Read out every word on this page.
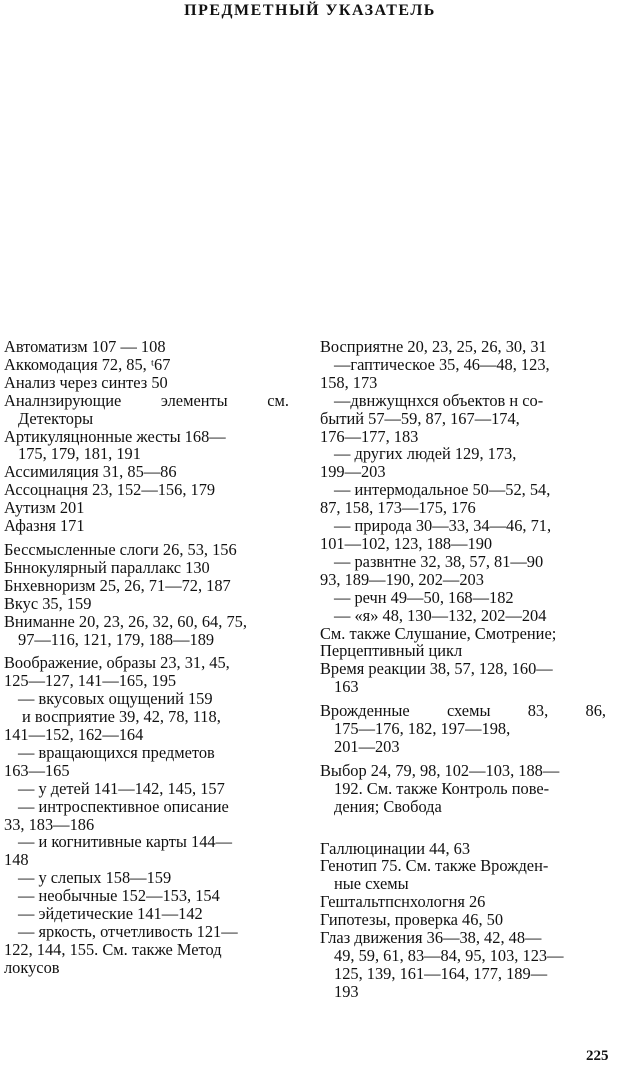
ПРЕДМЕТНЫЙ УКАЗАТЕЛЬ
Автоматизм 107 — 108
Аккомодация 72, 85, ᵗ67
Анализ через синтез 50
Аналнзирующие элементы см.
Детекторы
Артикуляцнонные жесты 168—
175, 179, 181, 191
Ассимиляция 31, 85—86
Ассоцнацня 23, 152—156, 179
Аутизм 201
Афазня 171
Бессмысленные слоги 26, 53, 156
Бннокулярный параллакс 130
Бнхевноризм 25, 26, 71—72, 187
Вкус 35, 159
Вниманне 20, 23, 26, 32, 60, 64, 75,
97—116, 121, 179, 188—189
Воображение, образы 23, 31, 45,
125—127, 141—165, 195
— вкусовых ощущений 159
и восприятие 39, 42, 78, 118,
141—152, 162—164
— вращающихся предметов
163—165
— у детей 141—142, 145, 157
— интроспективное описание
33, 183—186
— и когнитивные карты 144—
148
— у слепых 158—159
— необычные 152—153, 154
— эйдетические 141—142
— яркость, отчетливость 121—
122, 144, 155. См. также Метод
локусов
Восприятне 20, 23, 25, 26, 30, 31
—гаптическое 35, 46—48, 123,
158, 173
—двнжущнхся объектов н со-
бытий 57—59, 87, 167—174,
176—177, 183
— других людей 129, 173,
199—203
— интермодальное 50—52, 54,
87, 158, 173—175, 176
— природа 30—33, 34—46, 71,
101—102, 123, 188—190
— развнтне 32, 38, 57, 81—90
93, 189—190, 202—203
— речн 49—50, 168—182
— «я» 48, 130—132, 202—204
См. также Слушание, Смотрение;
Перцептивный цикл
Время реакции 38, 57, 128, 160—
163
Врожденные схемы 83, 86,
175—176, 182, 197—198,
201—203
Выбор 24, 79, 98, 102—103, 188—
192. См. также Контроль пове-
дения; Свобода
Галлюцинации 44, 63
Генотип 75. См. также Врожден-
ные схемы
Гештальтпснхологня 26
Гипотезы, проверка 46, 50
Глаз движения 36—38, 42, 48—
49, 59, 61, 83—84, 95, 103, 123—
125, 139, 161—164, 177, 189—
193
225
